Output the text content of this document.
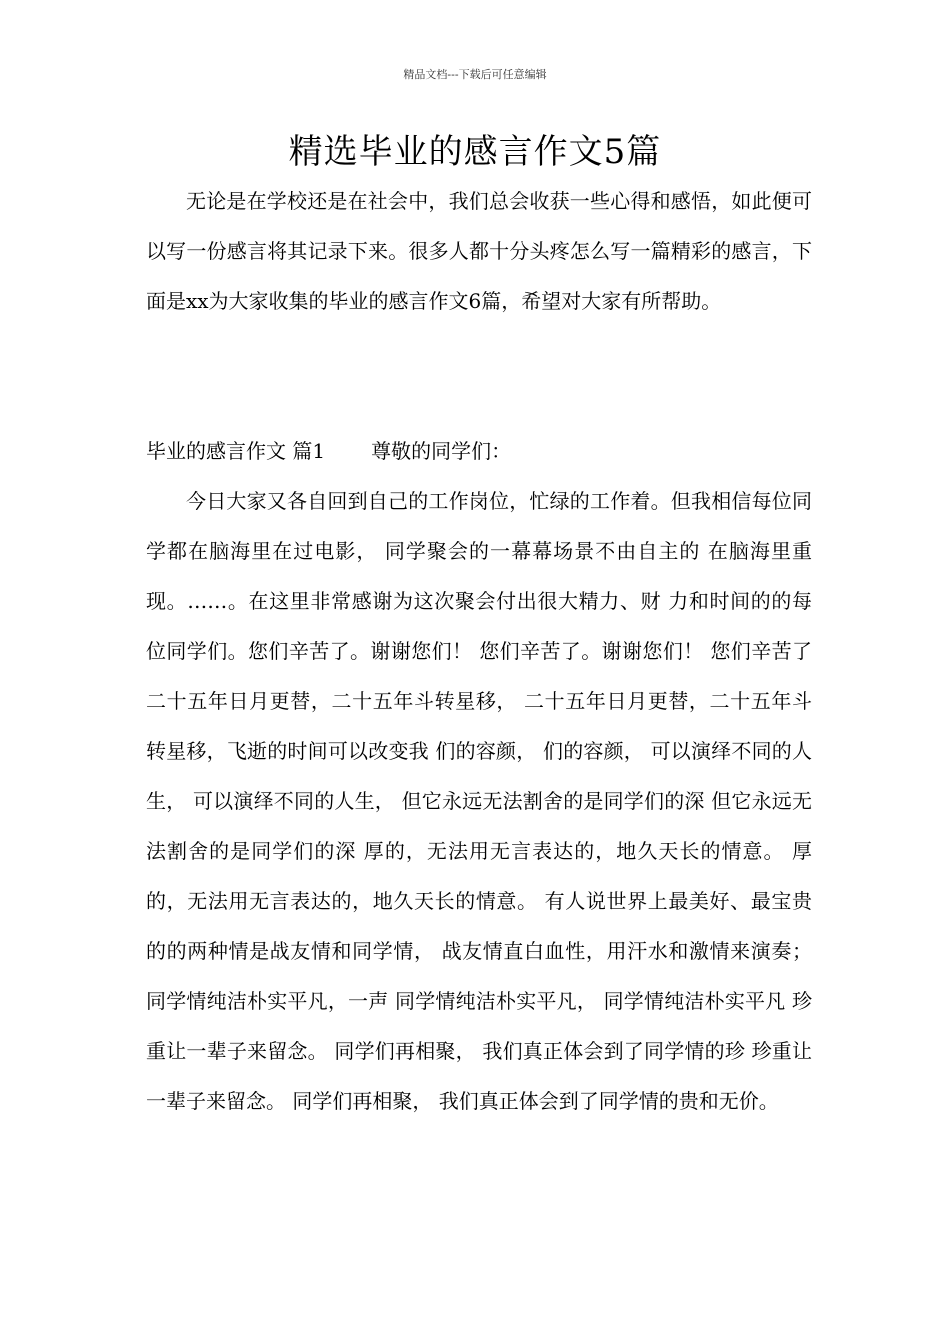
精品文档---下载后可任意编辑
精选毕业的感言作文5篇
无论是在学校还是在社会中，我们总会收获一些心得和感悟，如此便可以写一份感言将其记录下来。很多人都十分头疼怎么写一篇精彩的感言，下面是xx为大家收集的毕业的感言作文6篇，希望对大家有所帮助。
毕业的感言作文 篇1 尊敬的同学们：
今日大家又各自回到自己的工作岗位，忙绿的工作着。但我相信每位同学都在脑海里在过电影， 同学聚会的一幕幕场景不由自主的 在脑海里重现。……。在这里非常感谢为这次聚会付出很大精力、财 力和时间的的每位同学们。您们辛苦了。谢谢您们！ 您们辛苦了。谢谢您们！ 您们辛苦了 二十五年日月更替，二十五年斗转星移， 二十五年日月更替，二十五年斗转星移，飞逝的时间可以改变我 们的容颜， 们的容颜， 可以演绎不同的人生， 可以演绎不同的人生， 但它永远无法割舍的是同学们的深 但它永远无法割舍的是同学们的深 厚的，无法用无言表达的，地久天长的情意。 厚的，无法用无言表达的，地久天长的情意。 有人说世界上最美好、最宝贵的的两种情是战友情和同学情， 战友情直白血性，用汗水和激情来演奏；同学情纯洁朴实平凡，一声 同学情纯洁朴实平凡， 同学情纯洁朴实平凡 珍重让一辈子来留念。 同学们再相聚， 我们真正体会到了同学情的珍 珍重让一辈子来留念。 同学们再相聚， 我们真正体会到了同学情的贵和无价。
